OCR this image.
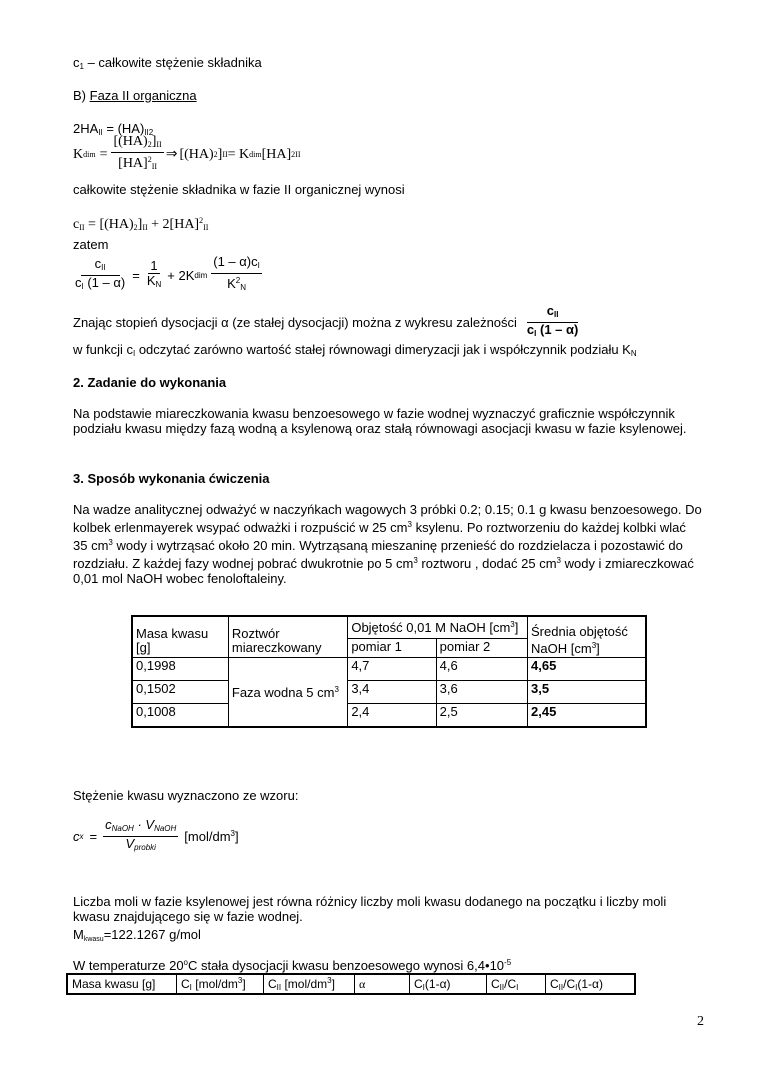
$c_1$ – całkowite stężenie składnika
B) Faza II organiczna
$2HA_{II} = (HA)_{II2}$
K dim = $\frac{[(HA)_2]_{II}}{[HA]^2_{II}}$ ⇒ [(HA) 2 ] II = K dim [HA] 2 II
całkowite stężenie składnika w fazie II organicznej wynosi
$c_{II} = [(HA)_2]_{II} + 2[HA]^2_{II}$
zatem
$\frac{c_{II}}{c_I (1 - \alpha)} = \frac{1}{K_N} + 2K$ dim $\frac{(1 - \alpha)c_I}{K^2_N}$
Znając stopień dysocjacji α (ze stałej dysocjacji) można z wykresu zależności $\frac{c_{II}}{c_I (1 - \alpha)}$
w funkcji $c_I$ odczytać zarówno wartość stałej równowagi dimeryzacji jak i współczynnik podziału $K_N$
2. Zadanie do wykonania
Na podstawie miareczkowania kwasu benzoesowego w fazie wodnej wyznaczyć graficznie współczynnik podziału kwasu między fazą wodną a ksylenową oraz stałą równowagi asocjacji kwasu w fazie ksylenowej.
3. Sposób wykonania ćwiczenia
Na wadze analitycznej odważyć w naczyńkach wagowych 3 próbki 0.2; 0.15; 0.1 g kwasu benzoesowego. Do kolbek erlenmayerek wsypać odważki i rozpuścić w 25 $cm^3$ ksylenu. Po roztworzeniu do każdej kolbki wlać 35 $cm^3$ wody i wytrząsać około 20 min. Wytrząsaną mieszaninę przenieść do rozdzielacza i pozostawić do rozdziału. Z każdej fazy wodnej pobrać dwukrotnie po 5 $cm^3$ roztworu , dodać 25 $cm^3$ wody i zmiareczkować 0,01 mol NaOH wobec fenoloftaleiny.
Masa kwasu [g]	Roztwór miareczkowany	Objętość 0,01 M NaOH $[cm^3]$		Średnia objętość NaOH $[cm^3]$
		pomiar 1	pomiar 2	
0,1998	Faza wodna 5 $cm^3$	4,7	4,6	4,65
0,1502		3,4	3,6	3,5
0,1008		2,4	2,5	2,45
Stężenie kwasu wyznaczono ze wzoru:
c $x = \frac{c_{NaOH} \cdot V_{NaOH}}{V_{probki}} [mol/dm^3]$
Liczba moli w fazie ksylenowej jest równa różnicy liczby moli kwasu dodanego na początku i liczby moli kwasu znajdującego się w fazie wodnej.
$M_{kwasu}=122.1267$ g/mol
W temperaturze 20$^o$C stała dysocjacji kwasu benzoesowego wynosi $6,4•10^{-5}$
Masa kwasu [g]	$C_I$ $[mol/dm^3]$	$C_{II}$ $[mol/dm^3]$	α	$C_I(1-\alpha)$	$C_{II}/C_I$	$C_{II}/C_I(1-\alpha)$
2
